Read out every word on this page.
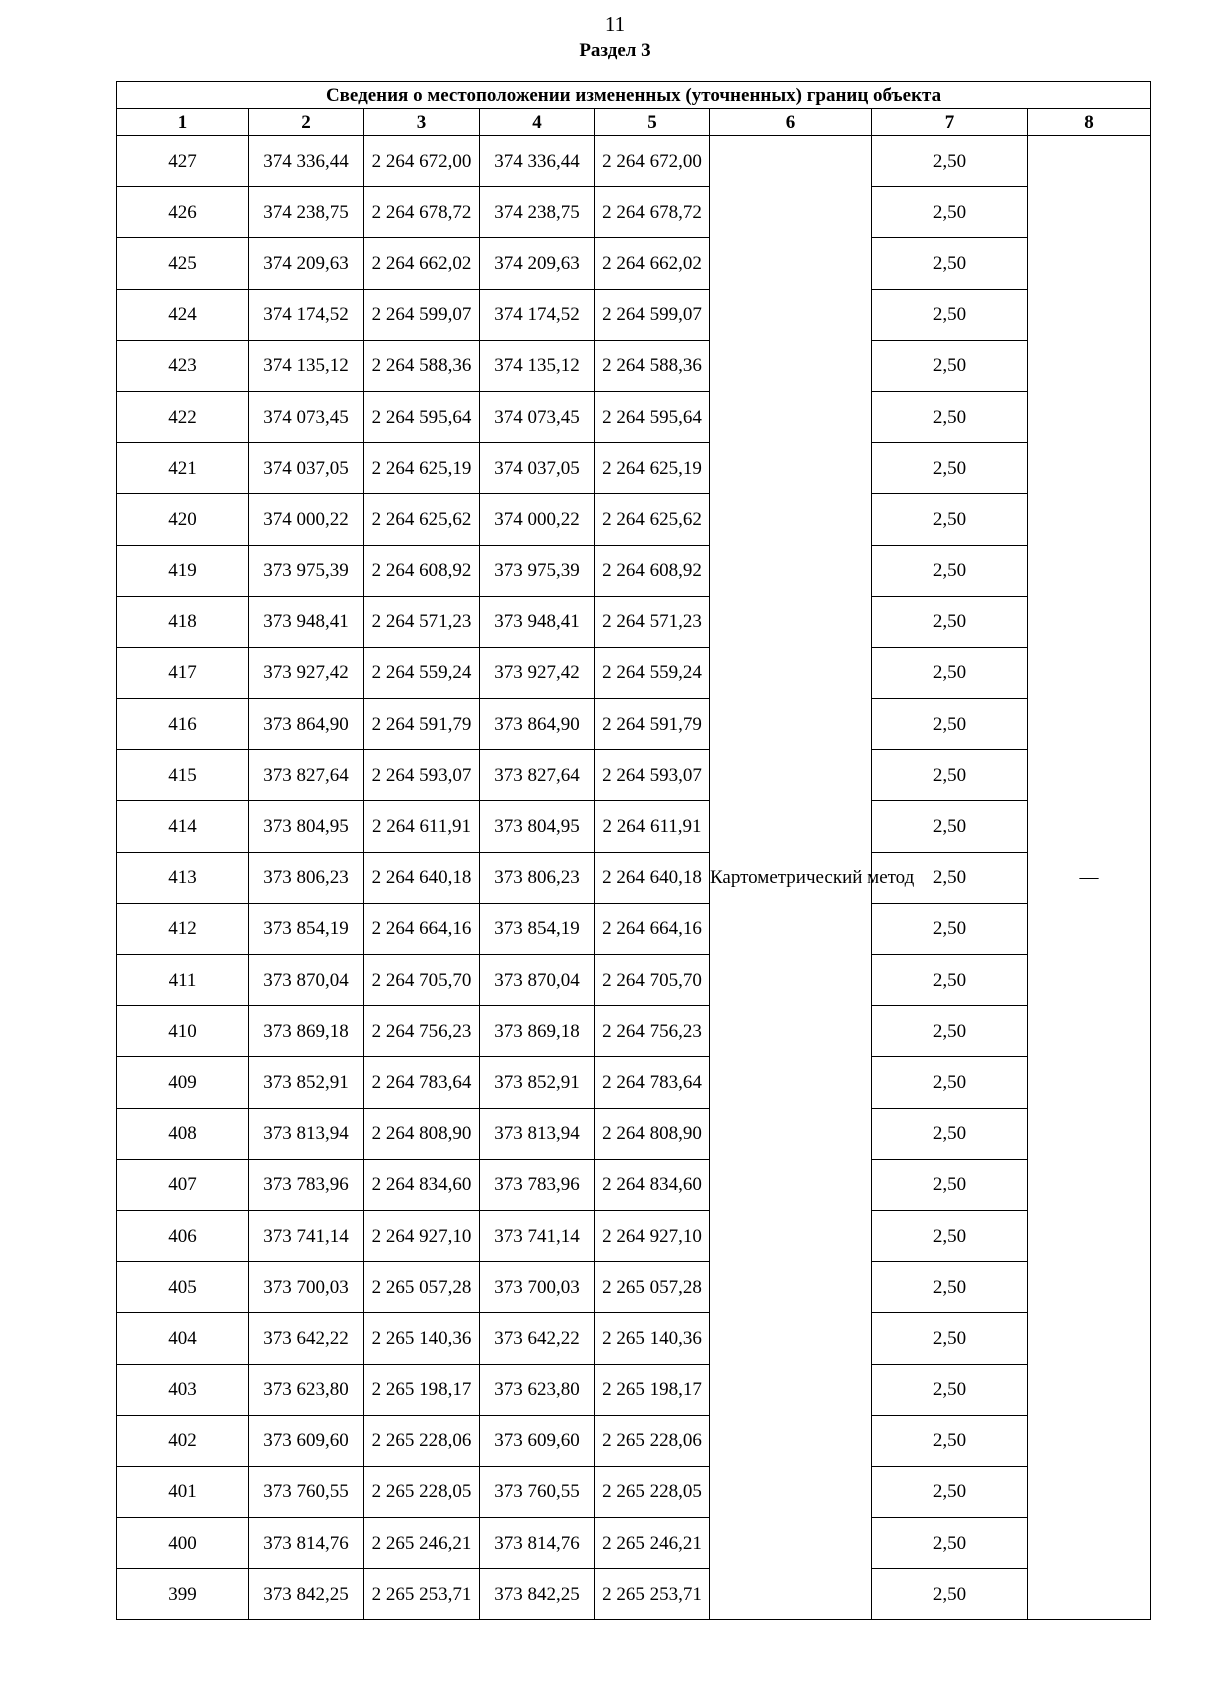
11
Раздел 3
Сведения о местоположении измененных (уточненных) границ объекта							
1	2	3	4	5	6	7	8
427	374 336,44	2 264 672,00	374 336,44	2 264 672,00	Картометрический метод	2,50	—
426	374 238,75	2 264 678,72	374 238,75	2 264 678,72		2,50	
425	374 209,63	2 264 662,02	374 209,63	2 264 662,02		2,50	
424	374 174,52	2 264 599,07	374 174,52	2 264 599,07		2,50	
423	374 135,12	2 264 588,36	374 135,12	2 264 588,36		2,50	
422	374 073,45	2 264 595,64	374 073,45	2 264 595,64		2,50	
421	374 037,05	2 264 625,19	374 037,05	2 264 625,19		2,50	
420	374 000,22	2 264 625,62	374 000,22	2 264 625,62		2,50	
419	373 975,39	2 264 608,92	373 975,39	2 264 608,92		2,50	
418	373 948,41	2 264 571,23	373 948,41	2 264 571,23		2,50	
417	373 927,42	2 264 559,24	373 927,42	2 264 559,24		2,50	
416	373 864,90	2 264 591,79	373 864,90	2 264 591,79		2,50	
415	373 827,64	2 264 593,07	373 827,64	2 264 593,07		2,50	
414	373 804,95	2 264 611,91	373 804,95	2 264 611,91		2,50	
413	373 806,23	2 264 640,18	373 806,23	2 264 640,18		2,50	
412	373 854,19	2 264 664,16	373 854,19	2 264 664,16		2,50	
411	373 870,04	2 264 705,70	373 870,04	2 264 705,70		2,50	
410	373 869,18	2 264 756,23	373 869,18	2 264 756,23		2,50	
409	373 852,91	2 264 783,64	373 852,91	2 264 783,64		2,50	
408	373 813,94	2 264 808,90	373 813,94	2 264 808,90		2,50	
407	373 783,96	2 264 834,60	373 783,96	2 264 834,60		2,50	
406	373 741,14	2 264 927,10	373 741,14	2 264 927,10		2,50	
405	373 700,03	2 265 057,28	373 700,03	2 265 057,28		2,50	
404	373 642,22	2 265 140,36	373 642,22	2 265 140,36		2,50	
403	373 623,80	2 265 198,17	373 623,80	2 265 198,17		2,50	
402	373 609,60	2 265 228,06	373 609,60	2 265 228,06		2,50	
401	373 760,55	2 265 228,05	373 760,55	2 265 228,05		2,50	
400	373 814,76	2 265 246,21	373 814,76	2 265 246,21		2,50	
399	373 842,25	2 265 253,71	373 842,25	2 265 253,71		2,50	
